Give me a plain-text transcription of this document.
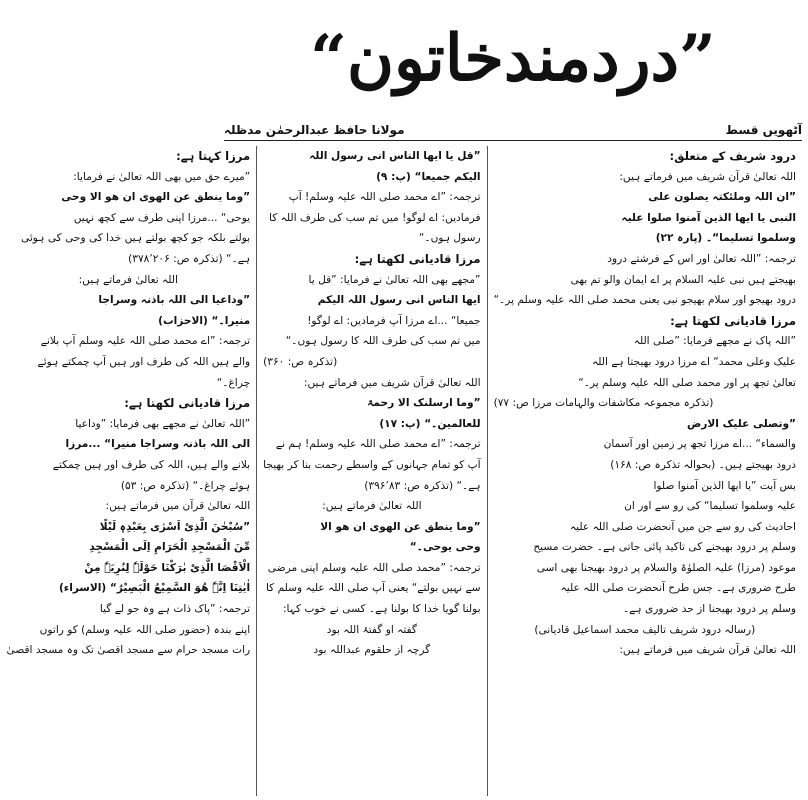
”دردمندخاتون“
آٹھویں قسط
مولانا حافظ عبدالرحمٰن مدظلہ
درود شریف کے متعلق:
اللہ تعالیٰ قرآن شریف میں فرماتے ہیں:
”ان اللہ وملئکتہ یصلون علی
النبی یا ایھا الذین آمنوا صلوا علیہ
وسلموا تسلیما“۔ (پارہ ۲۲)
ترجمہ: ”اللہ تعالیٰ اور اس کے فرشتے درود
بھیجتے ہیں نبی علیہ السلام پر اے ایمان والو تم بھی
درود بھیجو اور سلام بھیجو نبی یعنی محمد صلی اللہ علیہ وسلم پر۔“
مرزا قادیانی لکھتا ہے:
”اللہ پاک نے مجھے فرمایا: ”صلی اللہ
علیک وعلی محمد“ اے مرزا درود بھیجتا ہے اللہ
تعالیٰ تجھ پر اور محمد صلی اللہ علیہ وسلم پر۔“
(تذکرہ مجموعہ مکاشفات والہامات مرزا ص: ۷۷)
”وتصلی علیک الارض
والسماء“ ...اے مرزا تجھ پر زمین اور آسمان
درود بھیجتے ہیں۔ (بحوالہ تذکرہ ص: ۱۶۸)
بس آیت ”یا ایھا الذین آمنوا صلوا
علیہ وسلموا تسلیما“ کی رو سے اور ان
احادیث کی رو سے جن میں آنحضرت صلی اللہ علیہ
وسلم پر درود بھیجنے کی تاکید پائی جاتی ہے۔ حضرت مسیح
موعود (مرزا) علیہ الصلوٰۃ والسلام پر درود بھیجنا بھی اسی
طرح ضروری ہے۔ جس طرح آنحضرت صلی اللہ علیہ
وسلم پر درود بھیجنا از حد ضروری ہے۔
(رسالہ درود شریف تالیف محمد اسماعیل قادیانی)
اللہ تعالیٰ قرآن شریف میں فرماتے ہیں:
”قل یا ایھا الناس انی رسول اللہ
الیکم جمیعا“ (پ: ۹)
ترجمہ: ”اے محمد صلی اللہ علیہ وسلم! آپ
فرمادیں: اے لوگو! میں تم سب کی طرف اللہ کا
رسول ہوں۔“
مرزا قادیانی لکھتا ہے:
”مجھے بھی اللہ تعالیٰ نے فرمایا: ”قل یا
ایھا الناس انی رسول اللہ الیکم
جمیعا“ ...اے مرزا آپ فرمادیں: اے لوگو!
میں تم سب کی طرف اللہ کا رسول ہوں۔“
(تذکرہ ص: ۳۶۰)
اللہ تعالیٰ قرآن شریف میں فرماتے ہیں:
”وما ارسلنک الا رحمۃ
للعالمین۔“ (پ: ۱۷)
ترجمہ: ”اے محمد صلی اللہ علیہ وسلم! ہم نے
آپ کو تمام جہانوں کے واسطے رحمت بنا کر بھیجا
ہے۔“ (تذکرہ ص: ۳۹۶٬۸۳)
اللہ تعالیٰ فرماتے ہیں:
”وما ینطق عن الھوی ان ھو الا
وحی یوحی۔“
ترجمہ: ”محمد صلی اللہ علیہ وسلم اپنی مرضی
سے نہیں بولتے“ یعنی آپ صلی اللہ علیہ وسلم کا
بولنا گویا خدا کا بولنا ہے۔ کسی نے خوب کہا:
گفتہ او گفتۂ اللہ بود
گرچہ از حلقوم عبداللہ بود
مرزا کہتا ہے:
”میرے حق میں بھی اللہ تعالیٰ نے فرمایا:
”وما ینطق عن الھوی ان ھو الا وحی
یوحی“ ...مرزا اپنی طرف سے کچھ نہیں
بولتے بلکہ جو کچھ بولتے ہیں خدا کی وحی کی ہوئی
ہے۔“ (تذکرہ ص: ۳۷۸٬۲۰۶)
اللہ تعالیٰ فرماتے ہیں:
”وداعیا الی اللہ باذنہ وسراجا
منیرا۔“ (الاحزاب)
ترجمہ: ”اے محمد صلی اللہ علیہ وسلم آپ بلانے
والے ہیں اللہ کی طرف اور ہیں آپ چمکتے ہوئے
چراغ۔“
مرزا قادیانی لکھتا ہے:
”اللہ تعالیٰ نے مجھے بھی فرمایا: ”وداعیا
الی اللہ باذنہ وسراجا منیرا“ ...مرزا
بلانے والے ہیں، اللہ کی طرف اور ہیں چمکتے
ہوئے چراغ۔“ (تذکرہ ص: ۵۳)
اللہ تعالیٰ قرآن میں فرماتے ہیں:
”سُبْحٰنَ الَّذِیْ اَسْرٰی بِعَبْدِہٖ لَیْلًا
مِّنَ الْمَسْجِدِ الْحَرَامِ اِلَی الْمَسْجِدِ
الْاَقْصَا الَّذِیْ بٰرَکْنَا حَوْلَہٗ لِنُرِیَہٗ مِنْ
اٰیٰتِنَا اِنَّہٗ ھُوَ السَّمِیْعُ الْبَصِیْرُ“ (الاسراء)
ترجمہ: ”پاک ذات ہے وہ جو لے گیا
اپنے بندہ (حضور صلی اللہ علیہ وسلم) کو راتوں
رات مسجد حرام سے مسجد اقصیٰ تک وہ مسجد اقصیٰ
